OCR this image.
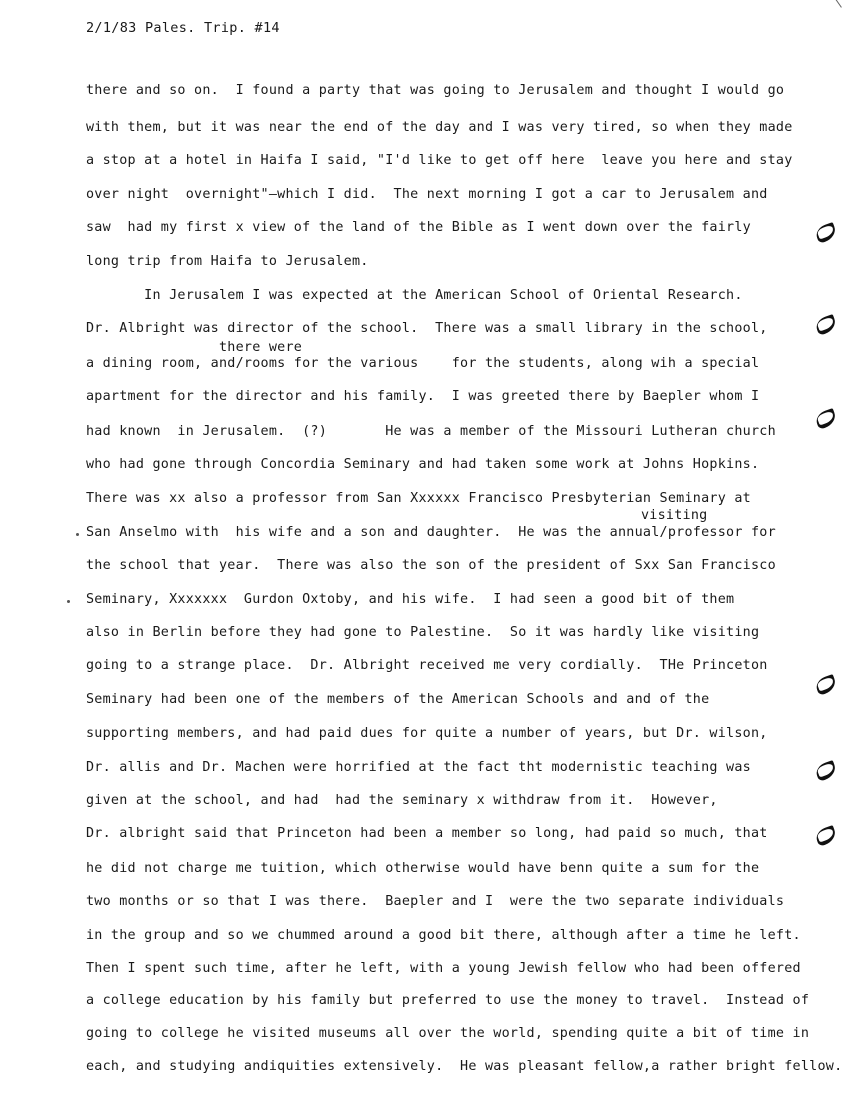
2/1/83 Pales. Trip. #14
there and so on.  I found a party that was going to Jerusalem and thought I would go
with them, but it was near the end of the day and I was very tired, so when they made
a stop at a hotel in Haifa I said, "I'd like to get off here  leave you here and stay
over night  overnight"—which I did.  The next morning I got a car to Jerusalem and
saw  had my first x view of the land of the Bible as I went down over the fairly
long trip from Haifa to Jerusalem.
In Jerusalem I was expected at the American School of Oriental Research.
Dr. Albright was director of the school.  There was a small library in the school,
there were
a dining room, and/rooms for the various    for the students, along wih a special
apartment for the director and his family.  I was greeted there by Baepler whom I
had known  in Jerusalem.  (?)       He was a member of the Missouri Lutheran church
who had gone through Concordia Seminary and had taken some work at Johns Hopkins.
There was xx also a professor from San Xxxxxx Francisco Presbyterian Seminary at
visiting
San Anselmo with  his wife and a son and daughter.  He was the annual/professor for
the school that year.  There was also the son of the president of Sxx San Francisco
Seminary, Xxxxxxx  Gurdon Oxtoby, and his wife.  I had seen a good bit of them
also in Berlin before they had gone to Palestine.  So it was hardly like visiting
going to a strange place.  Dr. Albright received me very cordially.  THe Princeton
Seminary had been one of the members of the American Schools and and of the
supporting members, and had paid dues for quite a number of years, but Dr. wilson,
Dr. allis and Dr. Machen were horrified at the fact tht modernistic teaching was
given at the school, and had  had the seminary x withdraw from it.  However,
Dr. albright said that Princeton had been a member so long, had paid so much, that
he did not charge me tuition, which otherwise would have benn quite a sum for the
two months or so that I was there.  Baepler and I  were the two separate individuals
in the group and so we chummed around a good bit there, although after a time he left.
Then I spent such time, after he left, with a young Jewish fellow who had been offered
a college education by his family but preferred to use the money to travel.  Instead of
going to college he visited museums all over the world, spending quite a bit of time in
each, and studying andiquities extensively.  He was pleasant fellow,a rather bright fellow.
